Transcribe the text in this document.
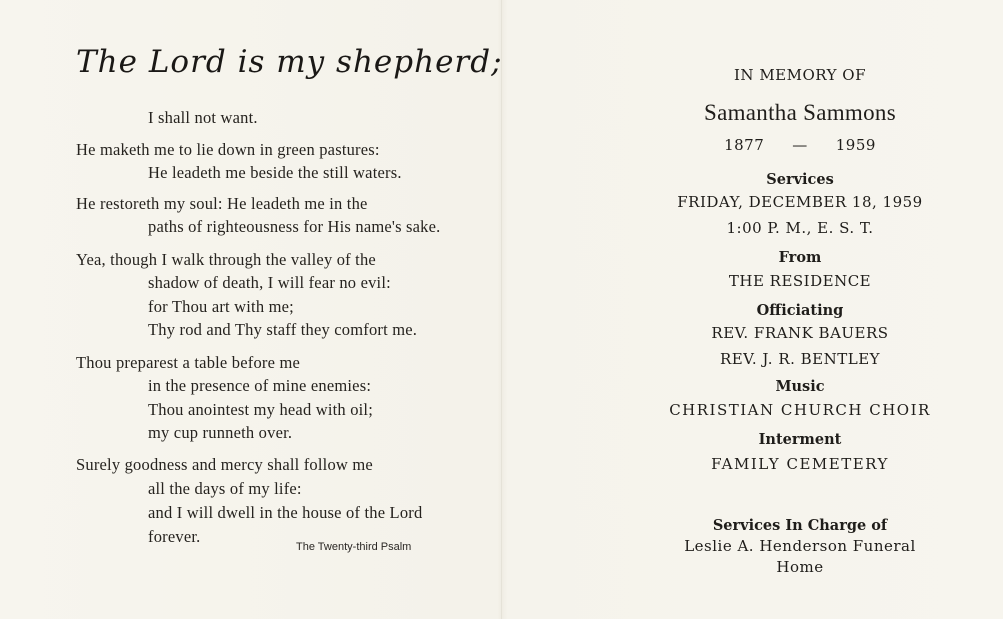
The Lord is my shepherd;
I shall not want.
He maketh me to lie down in green pastures:
He leadeth me beside the still waters.
He restoreth my soul: He leadeth me in the
paths of righteousness for His name's sake.
Yea, though I walk through the valley of the
shadow of death, I will fear no evil:
for Thou art with me;
Thy rod and Thy staff they comfort me.
Thou preparest a table before me
in the presence of mine enemies:
Thou anointest my head with oil;
my cup runneth over.
Surely goodness and mercy shall follow me
all the days of my life:
and I will dwell in the house of the Lord
forever.
The Twenty-third Psalm
IN MEMORY OF
Samantha Sammons
1877 — 1959
Services
FRIDAY, DECEMBER 18, 1959
1:00 P. M., E. S. T.
From
THE RESIDENCE
Officiating
REV. FRANK BAUERS
REV. J. R. BENTLEY
Music
CHRISTIAN CHURCH CHOIR
Interment
FAMILY CEMETERY
Services In Charge of
Leslie A. Henderson Funeral
Home
